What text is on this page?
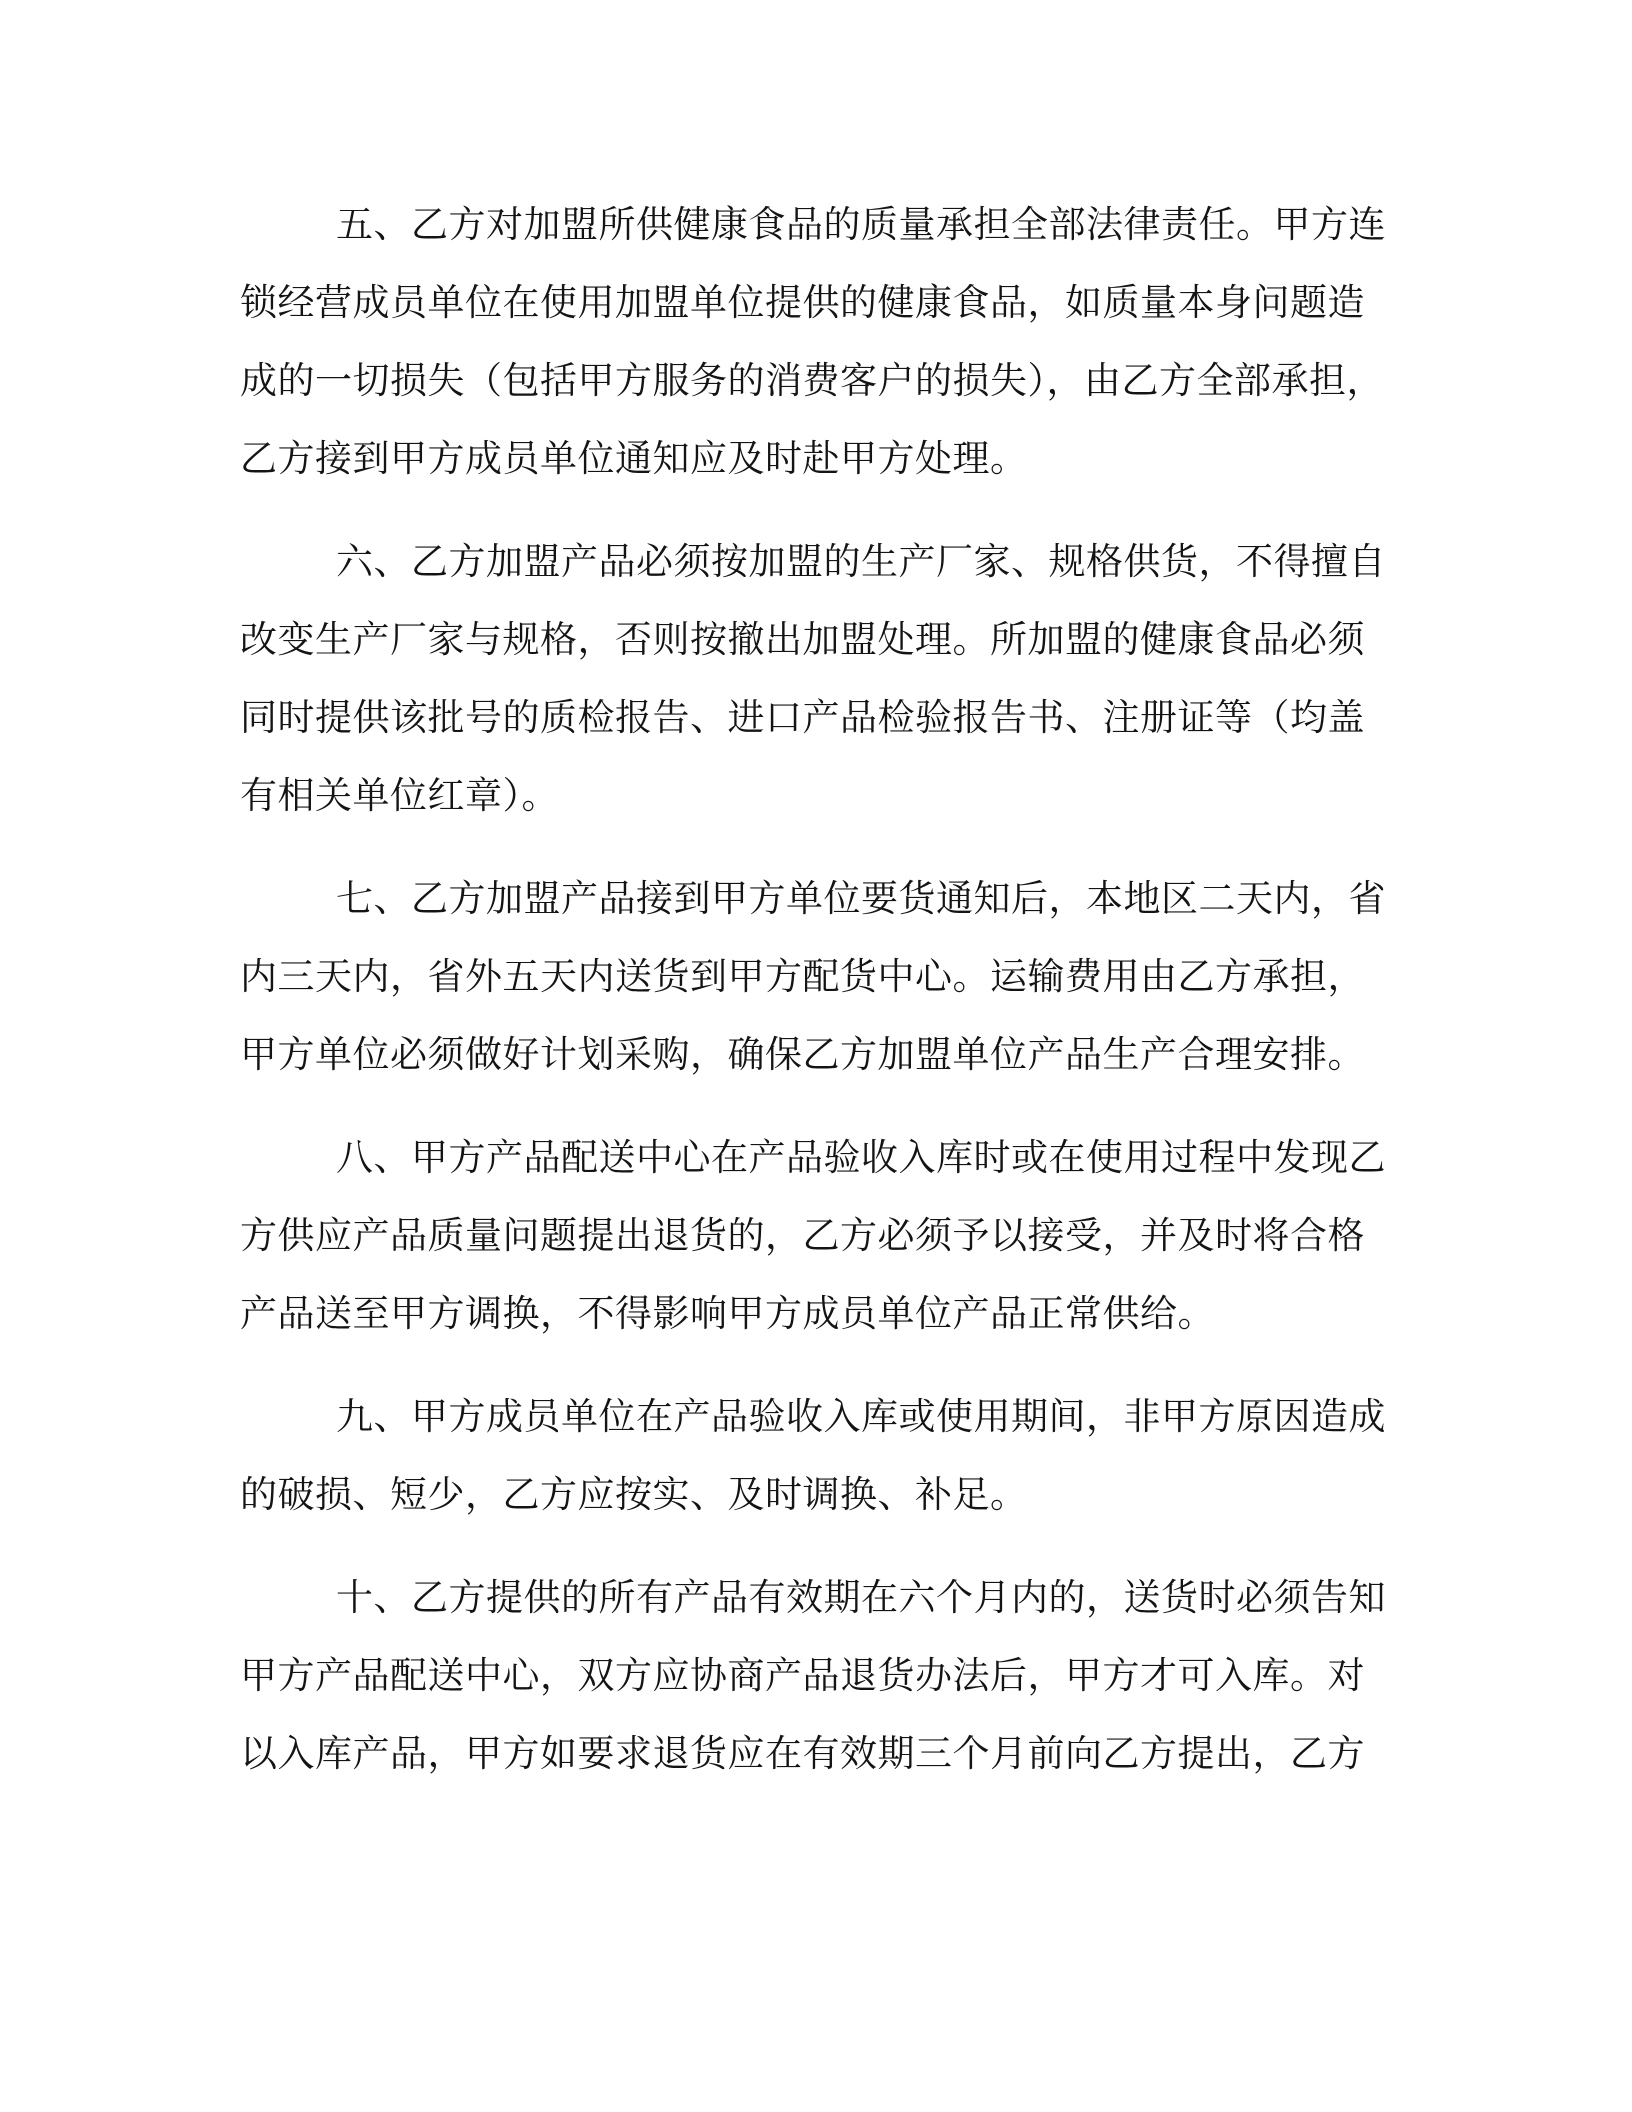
五、乙方对加盟所供健康食品的质量承担全部法律责任。甲方连
锁经营成员单位在使用加盟单位提供的健康食品，如质量本身问题造
成的一切损失（包括甲方服务的消费客户的损失），由乙方全部承担，
乙方接到甲方成员单位通知应及时赴甲方处理。
六、乙方加盟产品必须按加盟的生产厂家、规格供货，不得擅自
改变生产厂家与规格，否则按撤出加盟处理。所加盟的健康食品必须
同时提供该批号的质检报告、进口产品检验报告书、注册证等（均盖
有相关单位红章）。
七、乙方加盟产品接到甲方单位要货通知后，本地区二天内，省
内三天内，省外五天内送货到甲方配货中心。运输费用由乙方承担，
甲方单位必须做好计划采购，确保乙方加盟单位产品生产合理安排。
八、甲方产品配送中心在产品验收入库时或在使用过程中发现乙
方供应产品质量问题提出退货的，乙方必须予以接受，并及时将合格
产品送至甲方调换，不得影响甲方成员单位产品正常供给。
九、甲方成员单位在产品验收入库或使用期间，非甲方原因造成
的破损、短少，乙方应按实、及时调换、补足。
十、乙方提供的所有产品有效期在六个月内的，送货时必须告知
甲方产品配送中心，双方应协商产品退货办法后，甲方才可入库。对
以入库产品，甲方如要求退货应在有效期三个月前向乙方提出，乙方
